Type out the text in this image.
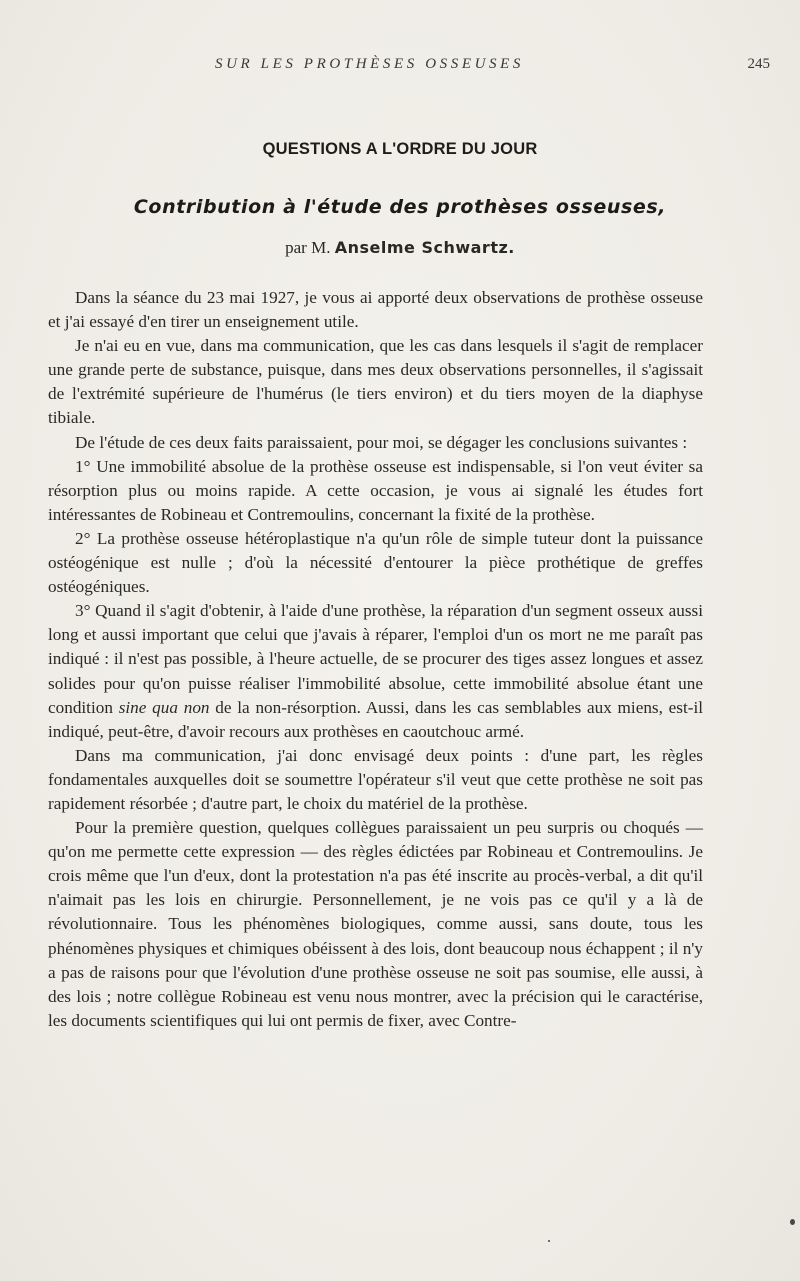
SUR LES PROTHÈSES OSSEUSES	245
QUESTIONS A L'ORDRE DU JOUR
Contribution à l'étude des prothèses osseuses,
par M. Anselme Schwartz.

Dans la séance du 23 mai 1927, je vous ai apporté deux observations de prothèse osseuse et j'ai essayé d'en tirer un enseignement utile.

Je n'ai eu en vue, dans ma communication, que les cas dans lesquels il s'agit de remplacer une grande perte de substance, puisque, dans mes deux observations personnelles, il s'agissait de l'extrémité supérieure de l'humérus (le tiers environ) et du tiers moyen de la diaphyse tibiale.

De l'étude de ces deux faits paraissaient, pour moi, se dégager les conclusions suivantes :

1° Une immobilité absolue de la prothèse osseuse est indispensable, si l'on veut éviter sa résorption plus ou moins rapide. A cette occasion, je vous ai signalé les études fort intéressantes de Robineau et Contremoulins, concernant la fixité de la prothèse.

2° La prothèse osseuse hétéroplastique n'a qu'un rôle de simple tuteur dont la puissance ostéogénique est nulle ; d'où la nécessité d'entourer la pièce prothétique de greffes ostéogéniques.

3° Quand il s'agit d'obtenir, à l'aide d'une prothèse, la réparation d'un segment osseux aussi long et aussi important que celui que j'avais à réparer, l'emploi d'un os mort ne me paraît pas indiqué : il n'est pas possible, à l'heure actuelle, de se procurer des tiges assez longues et assez solides pour qu'on puisse réaliser l'immobilité absolue, cette immobilité absolue étant une condition sine qua non de la non-résorption. Aussi, dans les cas semblables aux miens, est-il indiqué, peut-être, d'avoir recours aux prothèses en caoutchouc armé.

Dans ma communication, j'ai donc envisagé deux points : d'une part, les règles fondamentales auxquelles doit se soumettre l'opérateur s'il veut que cette prothèse ne soit pas rapidement résorbée ; d'autre part, le choix du matériel de la prothèse.

Pour la première question, quelques collègues paraissaient un peu surpris ou choqués — qu'on me permette cette expression — des règles édictées par Robineau et Contremoulins. Je crois même que l'un d'eux, dont la protestation n'a pas été inscrite au procès-verbal, a dit qu'il n'aimait pas les lois en chirurgie. Personnellement, je ne vois pas ce qu'il y a là de révolutionnaire. Tous les phénomènes biologiques, comme aussi, sans doute, tous les phénomènes physiques et chimiques obéissent à des lois, dont beaucoup nous échappent ; il n'y a pas de raisons pour que l'évolution d'une prothèse osseuse ne soit pas soumise, elle aussi, à des lois ; notre collègue Robineau est venu nous montrer, avec la précision qui le caractérise, les documents scientifiques qui lui ont permis de fixer, avec Contre-
